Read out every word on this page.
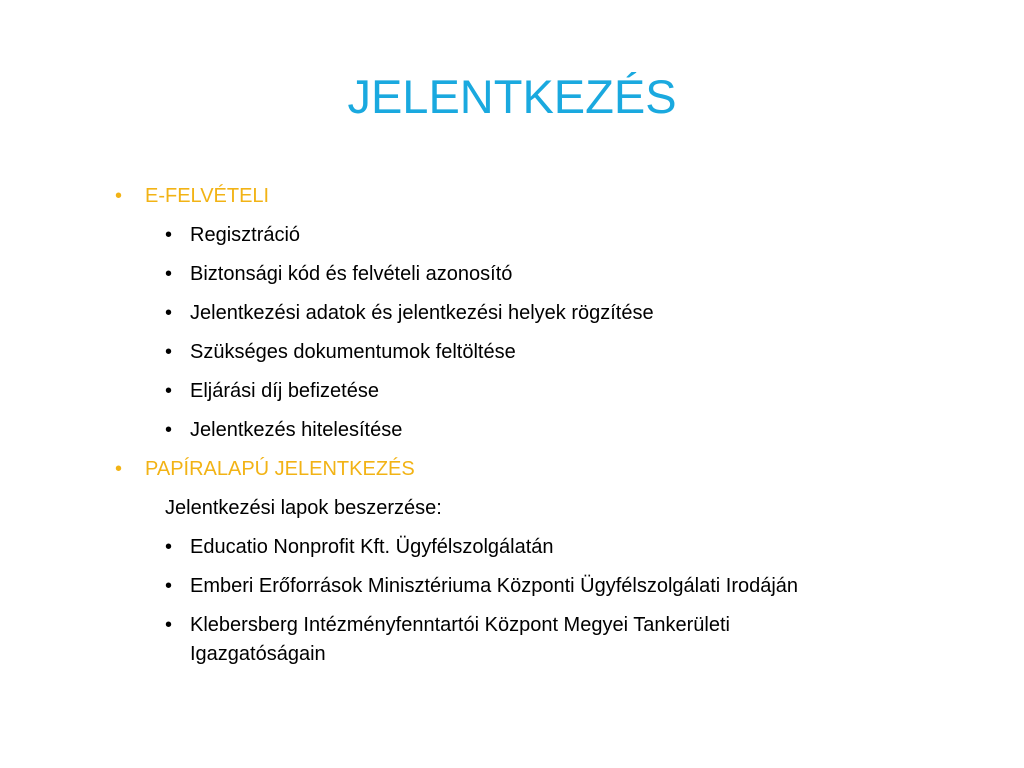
JELENTKEZÉS
• E-FELVÉTELI
• Regisztráció
• Biztonsági kód és felvételi azonosító
• Jelentkezési adatok és jelentkezési helyek rögzítése
• Szükséges dokumentumok feltöltése
• Eljárási díj befizetése
• Jelentkezés hitelesítése
• PAPÍRALAPÚ JELENTKEZÉS
Jelentkezési lapok beszerzése:
• Educatio Nonprofit Kft. Ügyfélszolgálatán
• Emberi Erőforrások Minisztériuma Központi Ügyfélszolgálati Irodáján
• Klebersberg Intézményfenntartói Központ Megyei Tankerületi
Igazgatóságain
